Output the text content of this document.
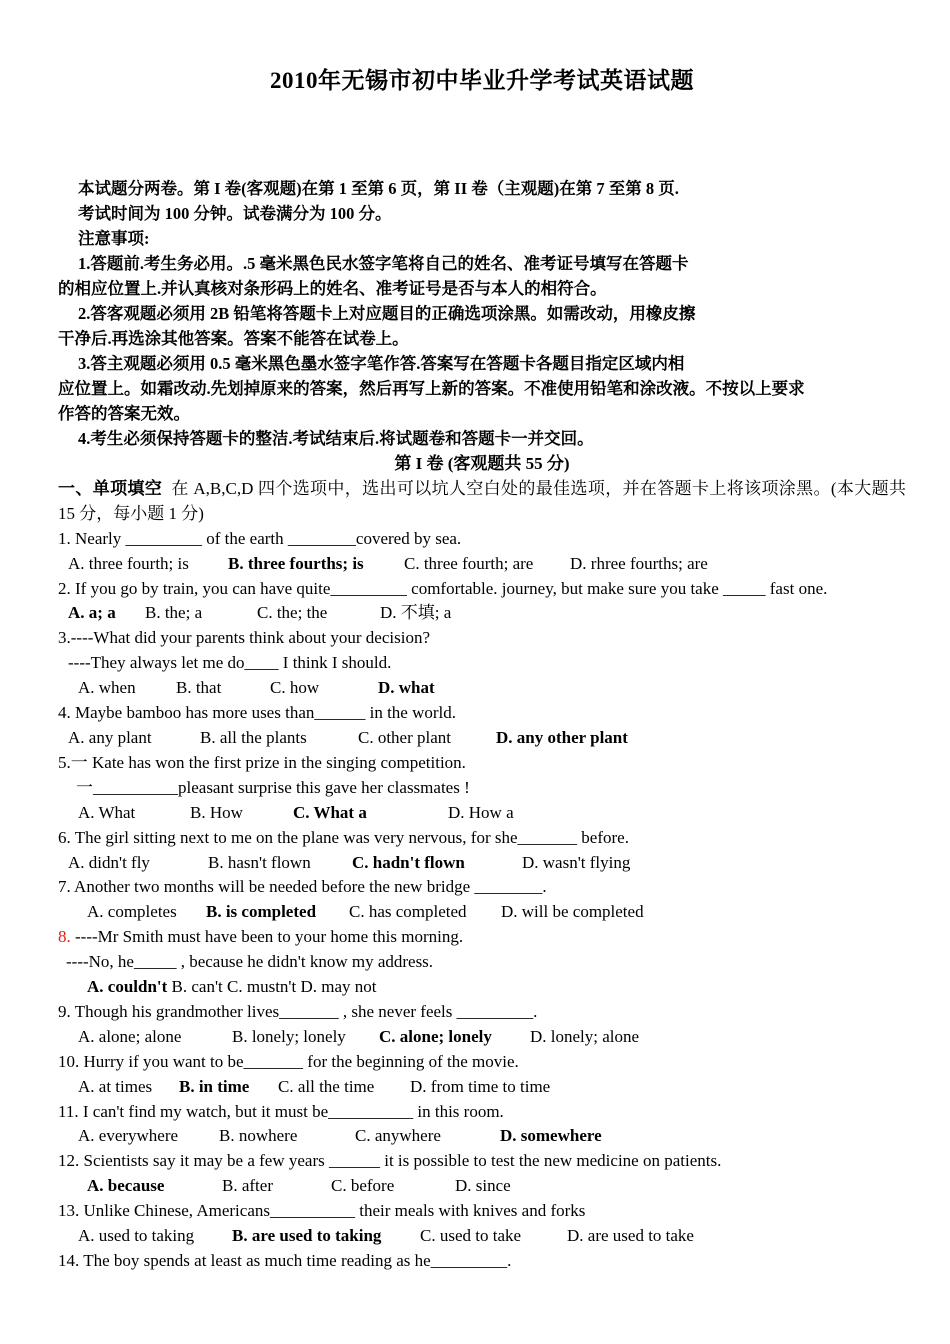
2010年无锡市初中毕业升学考试英语试题
本试题分两卷。第 I 卷(客观题)在第 1 至第 6 页，第 II 卷（主观题)在第 7 至第 8 页.
考试时间为 100 分钟。试卷满分为 100 分。
注意事项:
1.答题前.考生务必用。.5 毫米黑色民水签字笔将自己的姓名、准考证号填写在答题卡
的相应位置上.并认真核对条形码上的姓名、准考证号是否与本人的相符合。
2.答客观题必须用 2B 铅笔将答题卡上对应题目的正确选项涂黑。如需改动，用橡皮擦
干净后.再选涂其他答案。答案不能答在试卷上。
3.答主观题必须用 0.5 毫米黑色墨水签字笔作答.答案写在答题卡各题目指定区域内相
应位置上。如霜改动.先划掉原来的答案，然后再写上新的答案。不准使用铅笔和涂改液。不按以上要求
作答的答案无效。
4.考生必须保持答题卡的整洁.考试结束后.将试题卷和答题卡一并交回。
第 I 卷 (客观题共 55 分)
一、单项填空 在 A,B,C,D 四个选项中，选出可以坑人空白处的最佳选项，并在答题卡上将该项涂黑。(本大题共 15 分，每小题 1 分)
1. Nearly _________ of the earth ________covered by sea.
A. three fourth; is B. three fourths; is C. three fourth; are D. rhree fourths; are
2. If you go by train, you can have quite_________ comfortable. journey, but make sure you take _____ fast one.
A. a; a B. the; a	C. the; the	D. 不填; a
3.----What did your parents think about your decision?
----They always let me do____ I think I should.
A. when B. that	C. how	D. what
4. Maybe bamboo has more uses than______ in the world.
A. any plant	B. all the plants	C. other plant	D. any other plant
5.一 Kate has won the first prize in the singing competition.
一__________pleasant surprise this gave her classmates !
A. What	B. How	C. What a	D. How a
6. The girl sitting next to me on the plane was very nervous, for she_______ before.
A. didn't fly	B. hasn't flown C. hadn't flown	D. wasn't flying
7. Another two months will be needed before the new bridge ________.
A. completes B. is completed C. has completed D. will be completed
8. ----Mr Smith must have been to your home this morning.
----No, he_____ , because he didn't know my address.
A. couldn't B. can't C. mustn't D. may not
9. Though his grandmother lives_______ , she never feels _________.
A. alone; alone	B. lonely; lonely C. alone; lonely D. lonely; alone
10. Hurry if you want to be_______ for the beginning of the movie.
A. at times B. in time C. all the time D. from time to time
11. I can't find my watch, but it must be__________ in this room.
A. everywhere B. nowhere	C. anywhere	D. somewhere
12. Scientists say it may be a few years ______ it is possible to test the new medicine on patients.
A. because	B. after	C. before	D. since
13. Unlike Chinese, Americans__________ their meals with knives and forks
A. used to taking B. are used to taking C. used to take	D. are used to take
14. The boy spends at least as much time reading as he_________.
